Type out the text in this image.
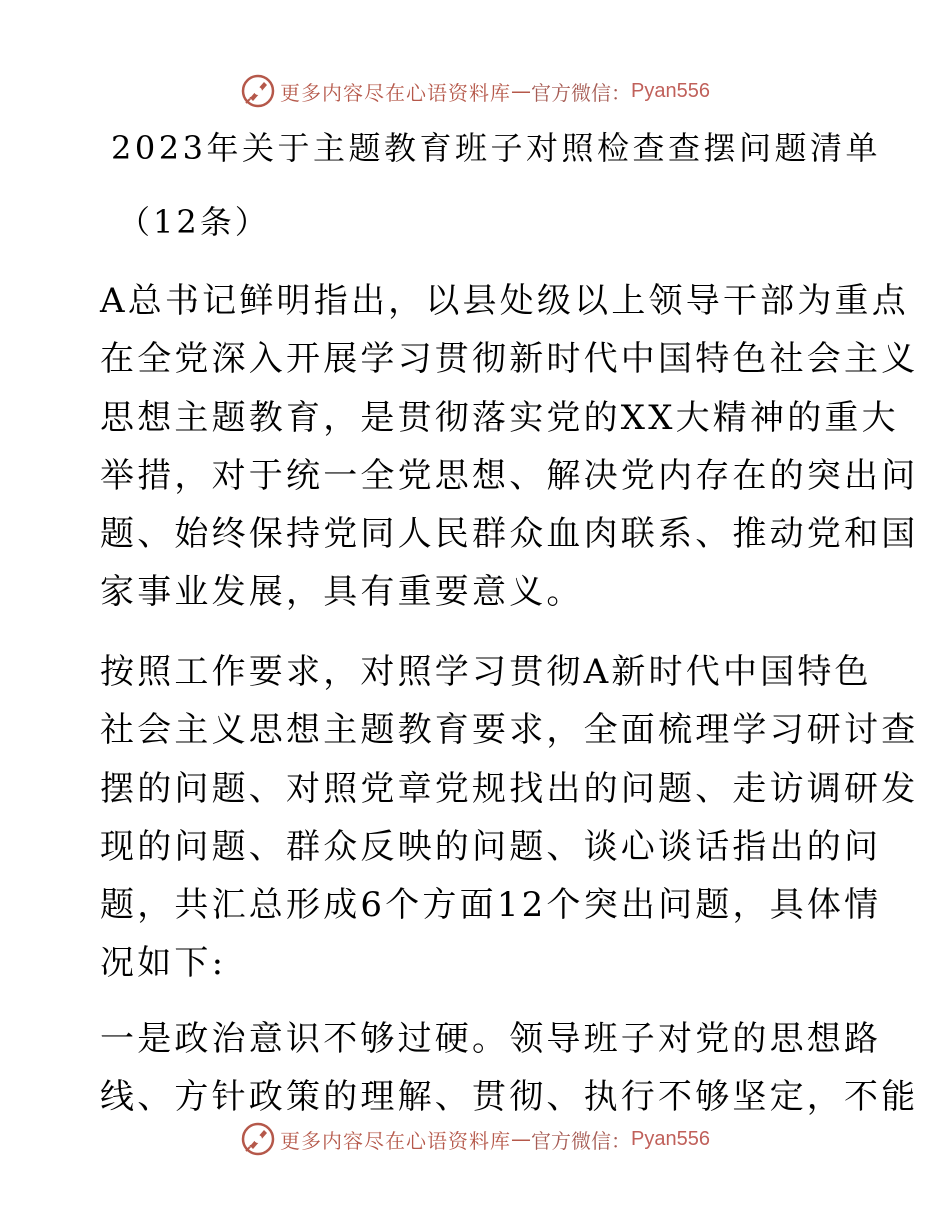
更多内容尽在心语资料库 — 官方微信： Pyan556
2023年关于主题教育班子对照检查查摆问题清单
（12条）
A总书记鲜明指出，以县处级以上领导干部为重点
在全党深入开展学习贯彻新时代中国特色社会主义
思想主题教育，是贯彻落实党的XX大精神的重大
举措，对于统一全党思想、解决党内存在的突出问
题、始终保持党同人民群众血肉联系、推动党和国
家事业发展，具有重要意义。
按照工作要求，对照学习贯彻A新时代中国特色
社会主义思想主题教育要求，全面梳理学习研讨查
摆的问题、对照党章党规找出的问题、走访调研发
现的问题、群众反映的问题、谈心谈话指出的问
题，共汇总形成6个方面12个突出问题，具体情
况如下:
一是政治意识不够过硬。领导班子对党的思想路
线、方针政策的理解、贯彻、执行不够坚定，不能
更多内容尽在心语资料库 — 官方微信： Pyan556
